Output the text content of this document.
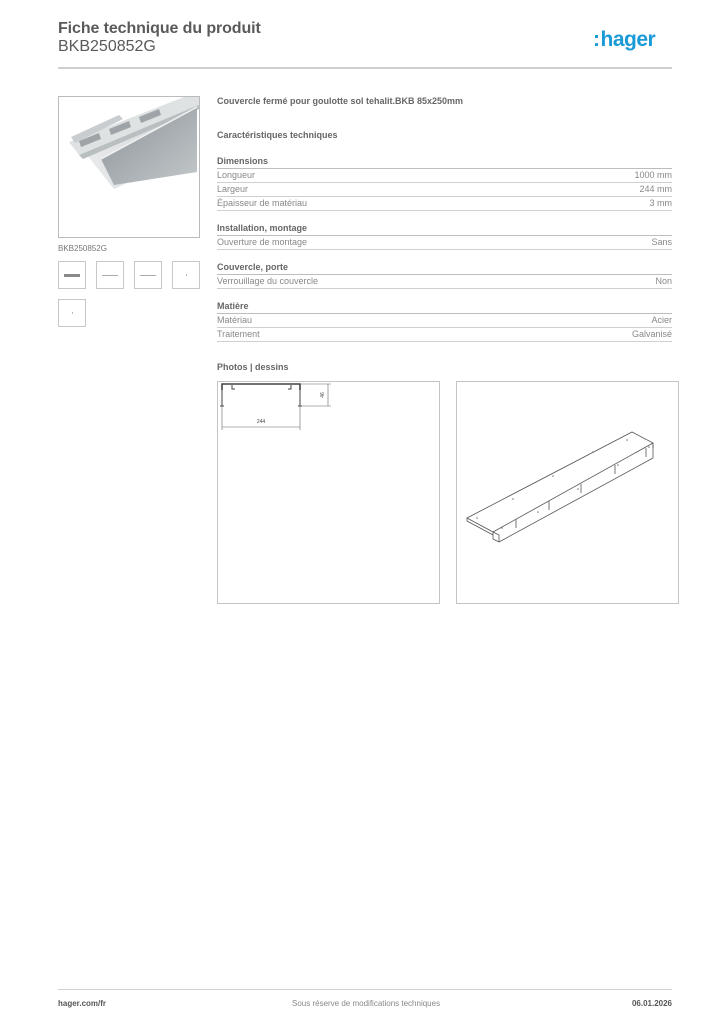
Fiche technique du produit
BKB250852G	:hager
BKB250852G
Couvercle fermé pour goulotte sol tehalit.BKB 85x250mm
Caractéristiques techniques
Dimensions
Longueur	1000 mm
Largeur	244 mm
Épaisseur de matériau	3 mm
Installation, montage
Ouverture de montage	Sans
Couvercle, porte
Verrouillage du couvercle	Non
Matière
Matériau	Acier
Traitement	Galvanisé
Photos | dessins
244
46
hager.com/fr	Sous réserve de modifications techniques	06.01.2026
